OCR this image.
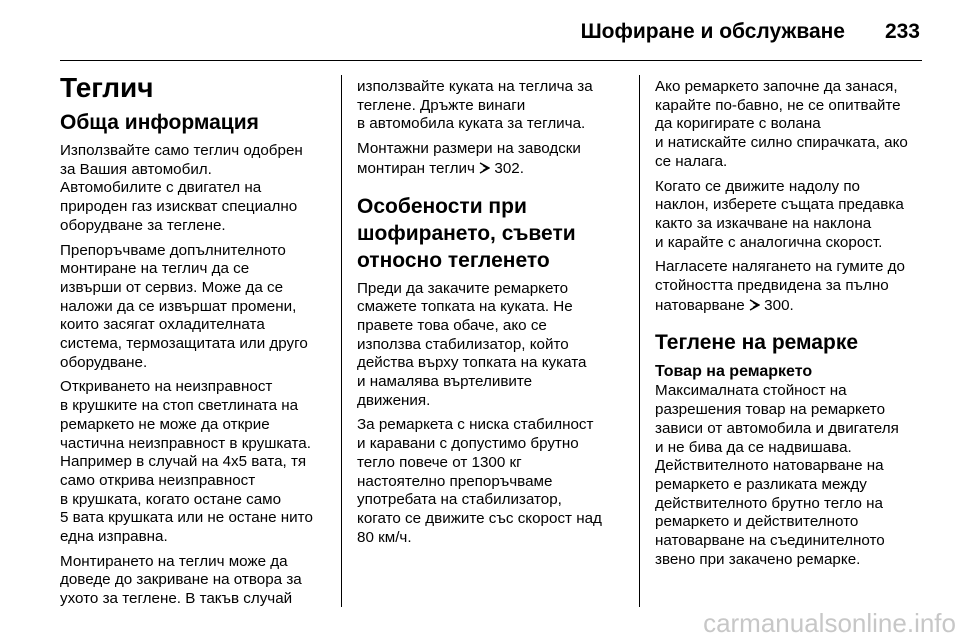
Шофиране и обслужване	233
Теглич
Обща информация

Използвайте само теглич одобрен
за Вашия автомобил.
Автомобилите с двигател на
природен газ изискват специално
оборудване за теглене.

Препоръчваме допълнителното
монтиране на теглич да се
извърши от сервиз. Може да се
наложи да се извършат промени,
които засягат охладителната
система, термозащитата или друго
оборудване.

Откриването на неизправност
в крушките на стоп светлината на
ремаркето не може да открие
частична неизправност в крушката.
Например в случай на 4х5 вата, тя
само открива неизправност
в крушката, когато остане само
5 вата крушката или не остане нито
една изправна.

Монтирането на теглич може да
доведе до закриване на отвора за
ухото за теглене. В такъв случай

използвайте куката на теглича за
теглене. Дръжте винаги
в автомобила куката за теглича.

Монтажни размери на заводски
монтиран теглич 302.

Особености при
шофирането, съвети
относно тегленето

Преди да закачите ремаркето
смажете топката на куката. Не
правете това обаче, ако се
използва стабилизатор, който
действа върху топката на куката
и намалява въртеливите
движения.

За ремаркета с ниска стабилност
и каравани с допустимо брутно
тегло повече от 1300 кг
настоятелно препоръчваме
употребата на стабилизатор,
когато се движите със скорост над
80 км/ч.

Ако ремаркето започне да занася,
карайте по-бавно, не се опитвайте
да коригирате с волана
и натискайте силно спирачката, ако
се налага.

Когато се движите надолу по
наклон, изберете същата предавка
както за изкачване на наклона
и карайте с аналогична скорост.

Нагласете налягането на гумите до
стойността предвидена за пълно
натоварване 300.

Теглене на ремарке
Товар на ремаркето

Максималната стойност на
разрешения товар на ремаркето
зависи от автомобила и двигателя
и не бива да се надвишава.
Действителното натоварване на
ремаркето е разликата между
действителното брутно тегло на
ремаркето и действителното
натоварване на съединителното
звено при закачено ремарке.

carmanualsonline.info
